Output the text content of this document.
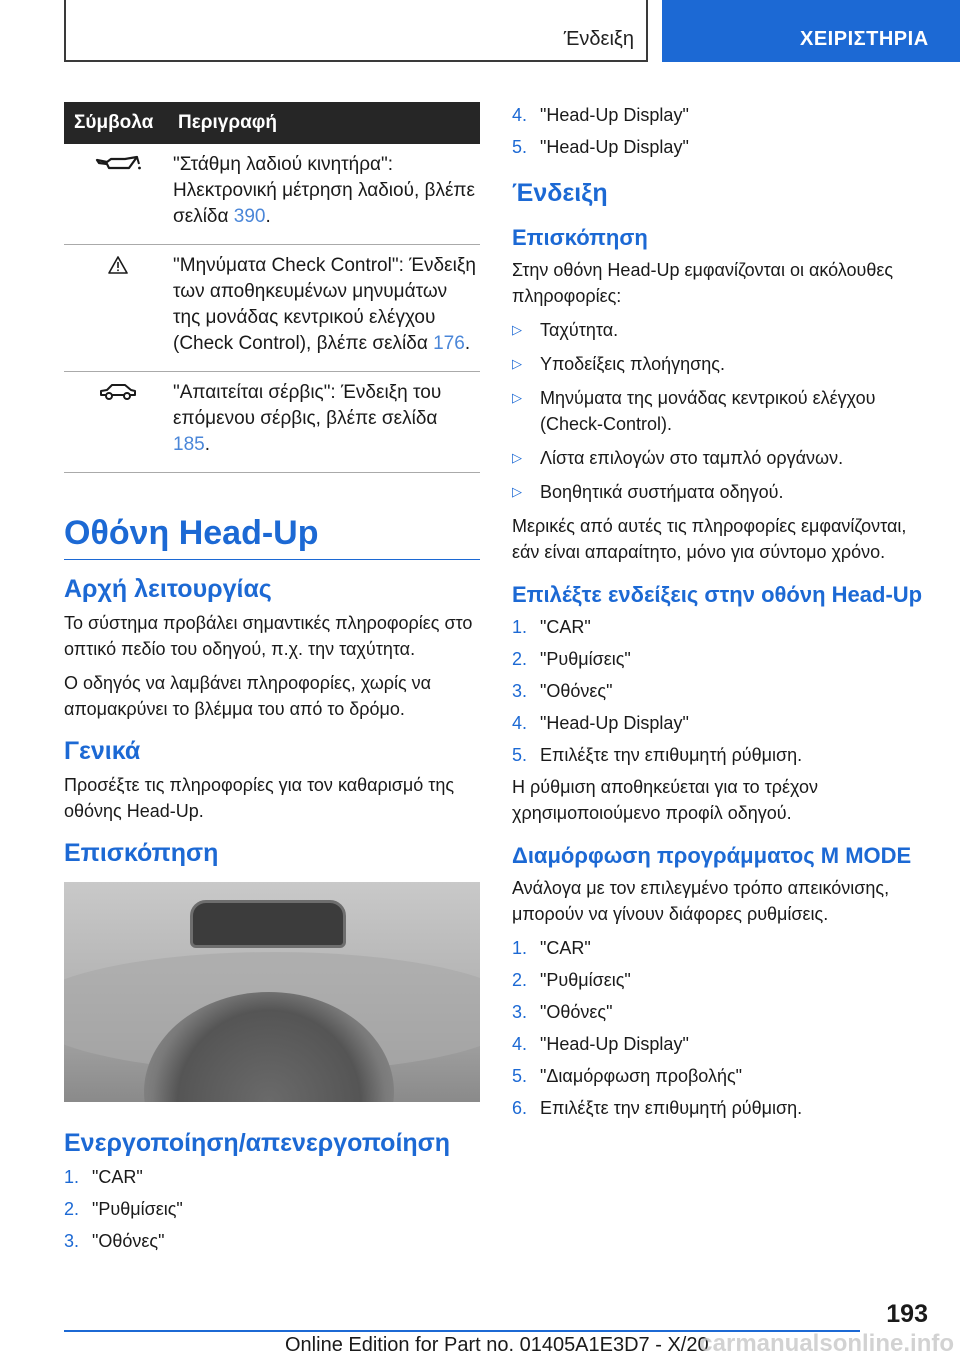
Ένδειξη	ΧΕΙΡΙΣΤΗΡΙΑ
Σύμβολα	Περιγραφή
	"Στάθμη λαδιού κινητήρα": Ηλεκτρονική μέτρηση λαδιού, βλέπε σελίδα 390.
	"Μηνύματα Check Control": Ένδειξη των αποθηκευμένων μηνυμάτων της μονάδας κεντρικού ελέγχου (Check Control), βλέπε σελίδα 176.
	"Απαιτείται σέρβις": Ένδειξη του επόμενου σέρβις, βλέπε σελίδα 185.
Οθόνη Head-Up
Αρχή λειτουργίας

Το σύστημα προβάλει σημαντικές πληροφορίες στο οπτικό πεδίο του οδηγού, π.χ. την ταχύτητα.

Ο οδηγός να λαμβάνει πληροφορίες, χωρίς να απομακρύνει το βλέμμα του από το δρόμο.

Γενικά

Προσέξτε τις πληροφορίες για τον καθαρισμό της οθόνης Head-Up.

Επισκόπηση
Ενεργοποίηση/απενεργοποίηση
1. "CAR"
2. "Ρυθμίσεις"
3. "Οθόνες"
4. "Head-Up Display"
5. "Head-Up Display"
Ένδειξη
Επισκόπηση

Στην οθόνη Head-Up εμφανίζονται οι ακόλουθες πληροφορίες:

▷ Ταχύτητα.
▷ Υποδείξεις πλοήγησης.
▷ Μηνύματα της μονάδας κεντρικού ελέγχου (Check-Control).
▷ Λίστα επιλογών στο ταμπλό οργάνων.
▷ Βοηθητικά συστήματα οδηγού.

Μερικές από αυτές τις πληροφορίες εμφανίζονται, εάν είναι απαραίτητο, μόνο για σύντομο χρόνο.

Επιλέξτε ενδείξεις στην οθόνη Head-Up
1. "CAR"
2. "Ρυθμίσεις"
3. "Οθόνες"
4. "Head-Up Display"
5. Επιλέξτε την επιθυμητή ρύθμιση.

Η ρύθμιση αποθηκεύεται για το τρέχον χρησιμοποιούμενο προφίλ οδηγού.

Διαμόρφωση προγράμματος M MODE

Ανάλογα με τον επιλεγμένο τρόπο απεικόνισης, μπορούν να γίνουν διάφορες ρυθμίσεις.

1. "CAR"
2. "Ρυθμίσεις"
3. "Οθόνες"
4. "Head-Up Display"
5. "Διαμόρφωση προβολής"
6. Επιλέξτε την επιθυμητή ρύθμιση.
193
Online Edition for Part no. 01405A1E3D7 - X/20
carmanualsonline.info
